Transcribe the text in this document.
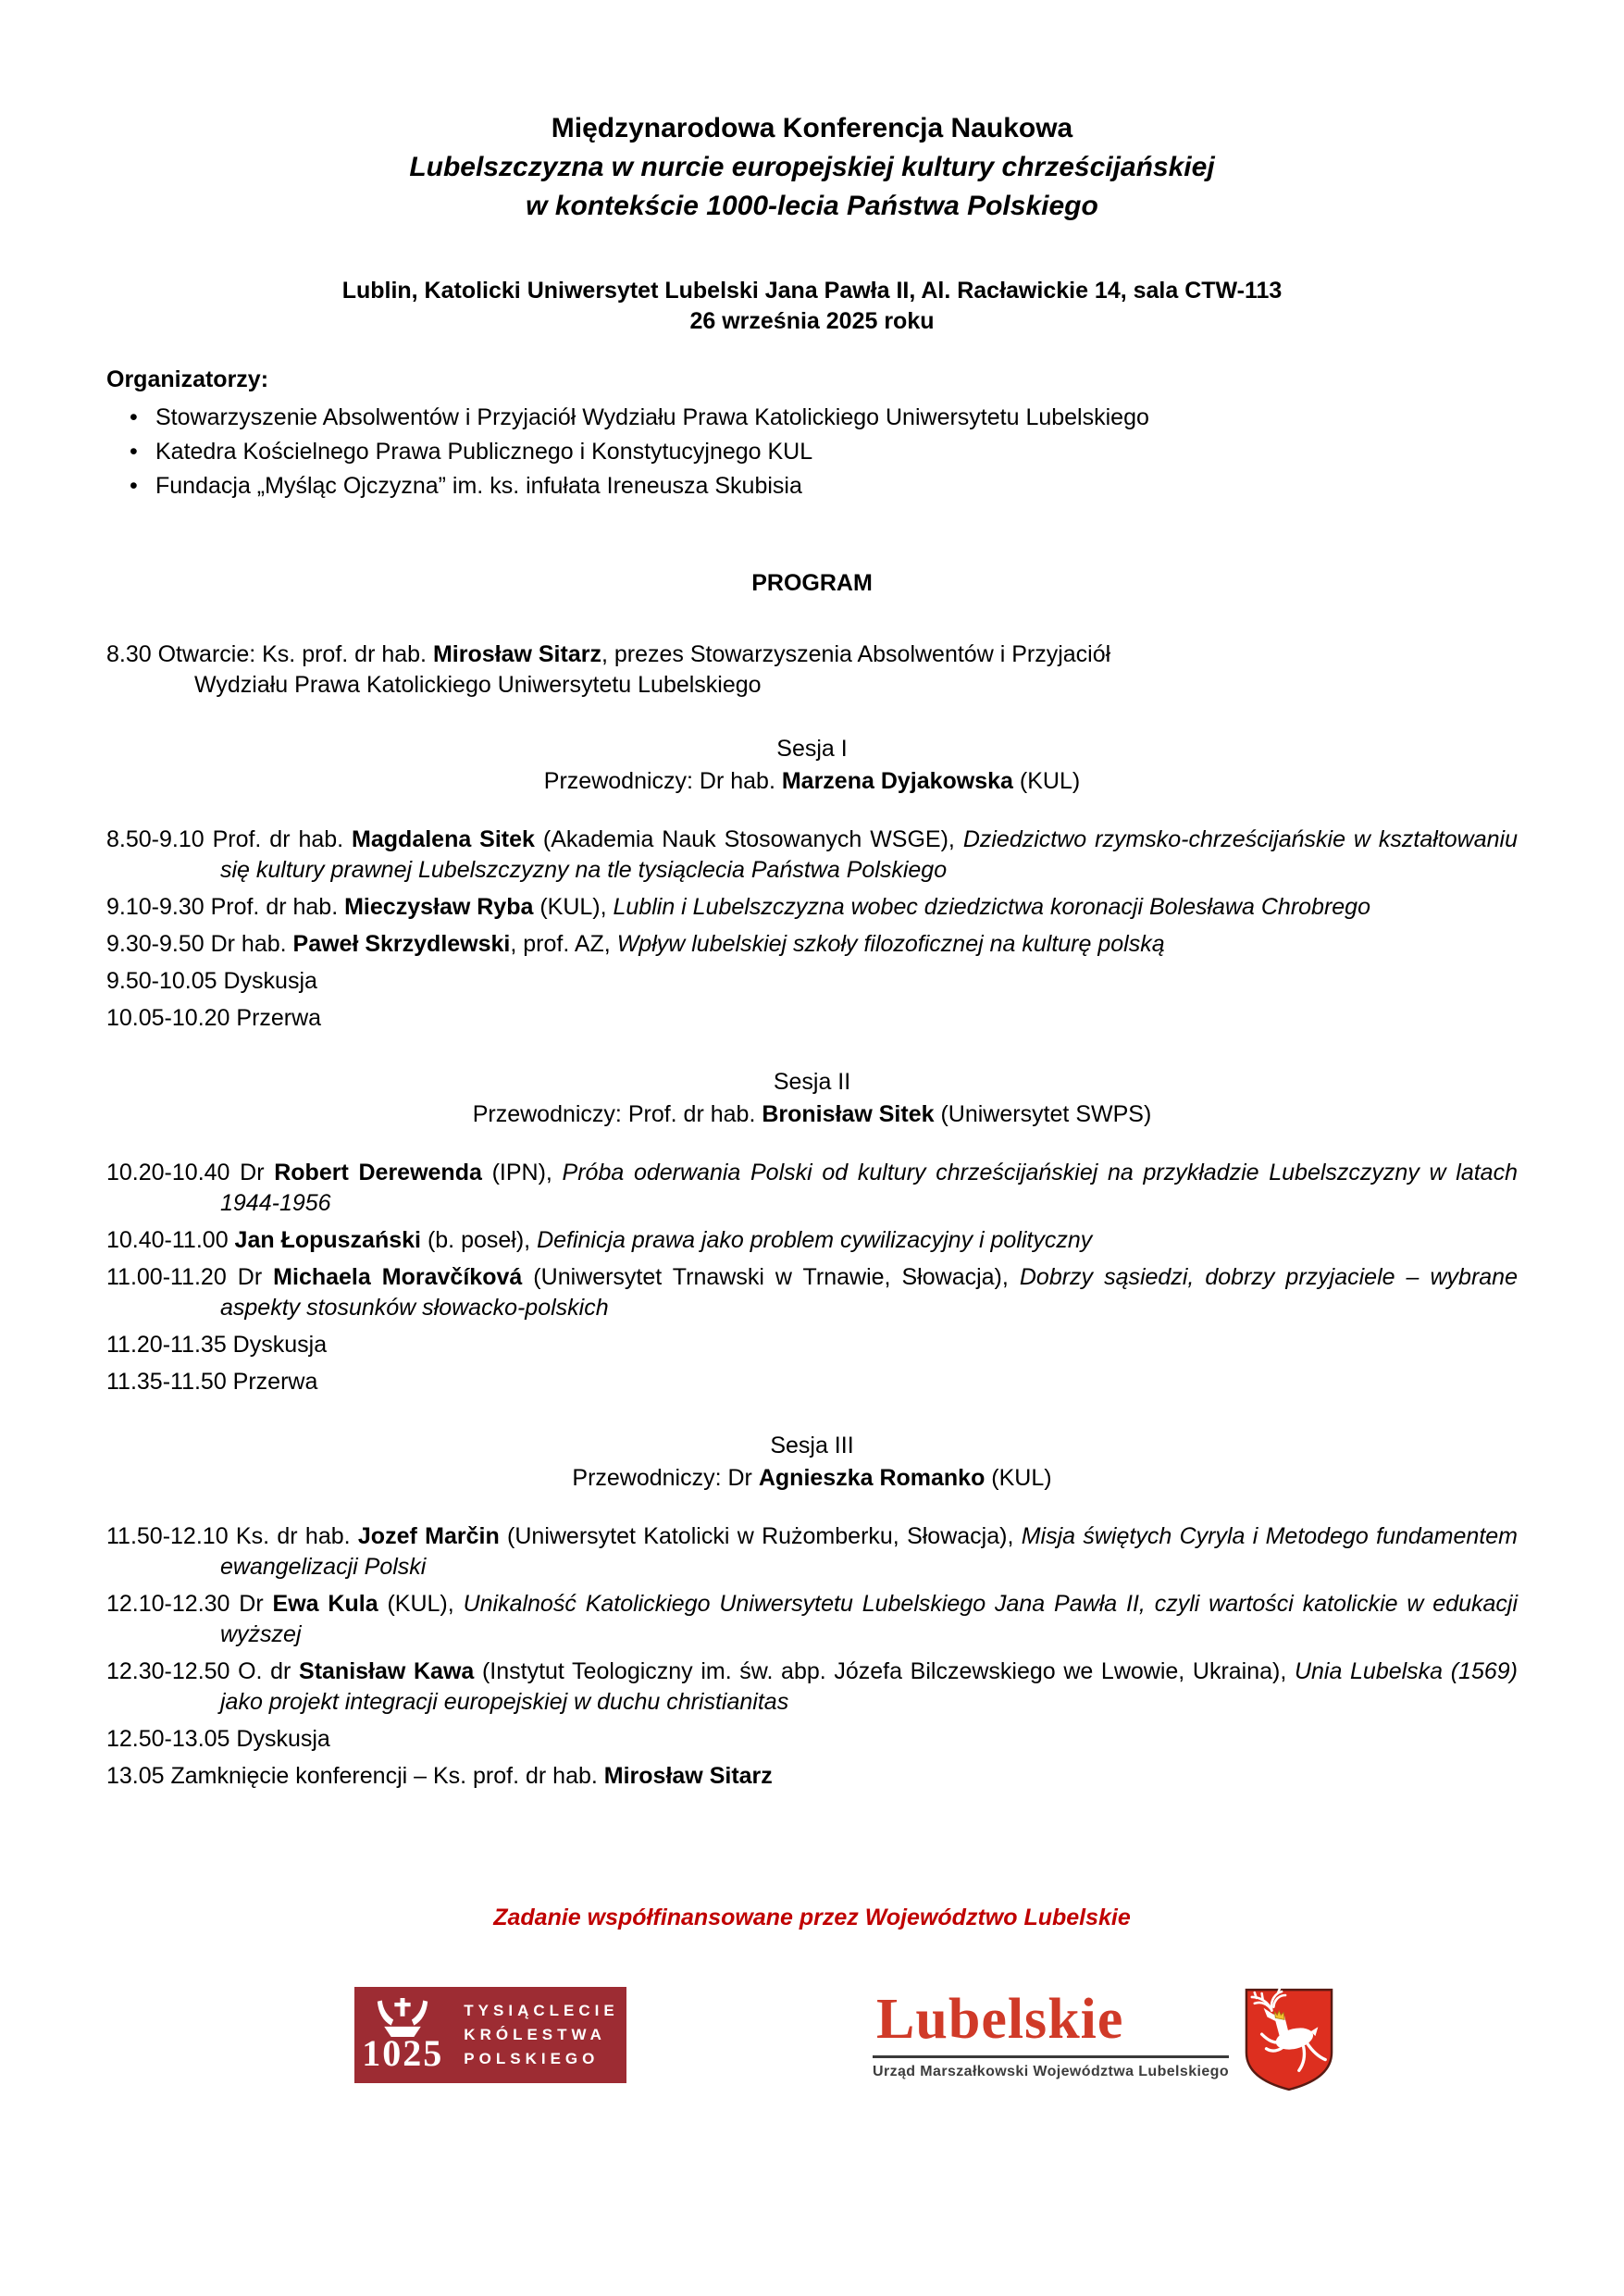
Międzynarodowa Konferencja Naukowa

Lubelszczyzna w nurcie europejskiej kultury chrześcijańskiej

w kontekście 1000-lecia Państwa Polskiego

Lublin, Katolicki Uniwersytet Lubelski Jana Pawła II, Al. Racławickie 14, sala CTW-113

26 września 2025 roku

Organizatorzy:

• Stowarzyszenie Absolwentów i Przyjaciół Wydziału Prawa Katolickiego Uniwersytetu Lubelskiego
• Katedra Kościelnego Prawa Publicznego i Konstytucyjnego KUL
• Fundacja „Myśląc Ojczyzna” im. ks. infułata Ireneusza Skubisia

PROGRAM

8.30 Otwarcie: Ks. prof. dr hab. Mirosław Sitarz, prezes Stowarzyszenia Absolwentów i Przyjaciół
Wydziału Prawa Katolickiego Uniwersytetu Lubelskiego

Sesja I

Przewodniczy: Dr hab. Marzena Dyjakowska (KUL)

8.50-9.10 Prof. dr hab. Magdalena Sitek (Akademia Nauk Stosowanych WSGE), Dziedzictwo rzymsko-chrześcijańskie w kształtowaniu się kultury prawnej Lubelszczyzny na tle tysiąclecia Państwa Polskiego

9.10-9.30 Prof. dr hab. Mieczysław Ryba (KUL), Lublin i Lubelszczyzna wobec dziedzictwa koronacji Bolesława Chrobrego

9.30-9.50 Dr hab. Paweł Skrzydlewski, prof. AZ, Wpływ lubelskiej szkoły filozoficznej na kulturę polską

9.50-10.05 Dyskusja

10.05-10.20 Przerwa

Sesja II

Przewodniczy: Prof. dr hab. Bronisław Sitek (Uniwersytet SWPS)

10.20-10.40 Dr Robert Derewenda (IPN), Próba oderwania Polski od kultury chrześcijańskiej na przykładzie Lubelszczyzny w latach 1944-1956

10.40-11.00 Jan Łopuszański (b. poseł), Definicja prawa jako problem cywilizacyjny i polityczny

11.00-11.20 Dr Michaela Moravčíková (Uniwersytet Trnawski w Trnawie, Słowacja), Dobrzy sąsiedzi, dobrzy przyjaciele – wybrane aspekty stosunków słowacko-polskich

11.20-11.35 Dyskusja

11.35-11.50 Przerwa

Sesja III

Przewodniczy: Dr Agnieszka Romanko (KUL)

11.50-12.10 Ks. dr hab. Jozef Marčin (Uniwersytet Katolicki w Rużomberku, Słowacja), Misja świętych Cyryla i Metodego fundamentem ewangelizacji Polski

12.10-12.30 Dr Ewa Kula (KUL), Unikalność Katolickiego Uniwersytetu Lubelskiego Jana Pawła II, czyli wartości katolickie w edukacji wyższej

12.30-12.50 O. dr Stanisław Kawa (Instytut Teologiczny im. św. abp. Józefa Bilczewskiego we Lwowie, Ukraina), Unia Lubelska (1569) jako projekt integracji europejskiej w duchu christianitas

12.50-13.05 Dyskusja

13.05 Zamknięcie konferencji – Ks. prof. dr hab. Mirosław Sitarz

Zadanie współfinansowane przez Województwo Lubelskie

1025
TYSIĄCLECIE
KRÓLESTWA
POLSKIEGO
Lubelskie
Urząd Marszałkowski Województwa Lubelskiego
